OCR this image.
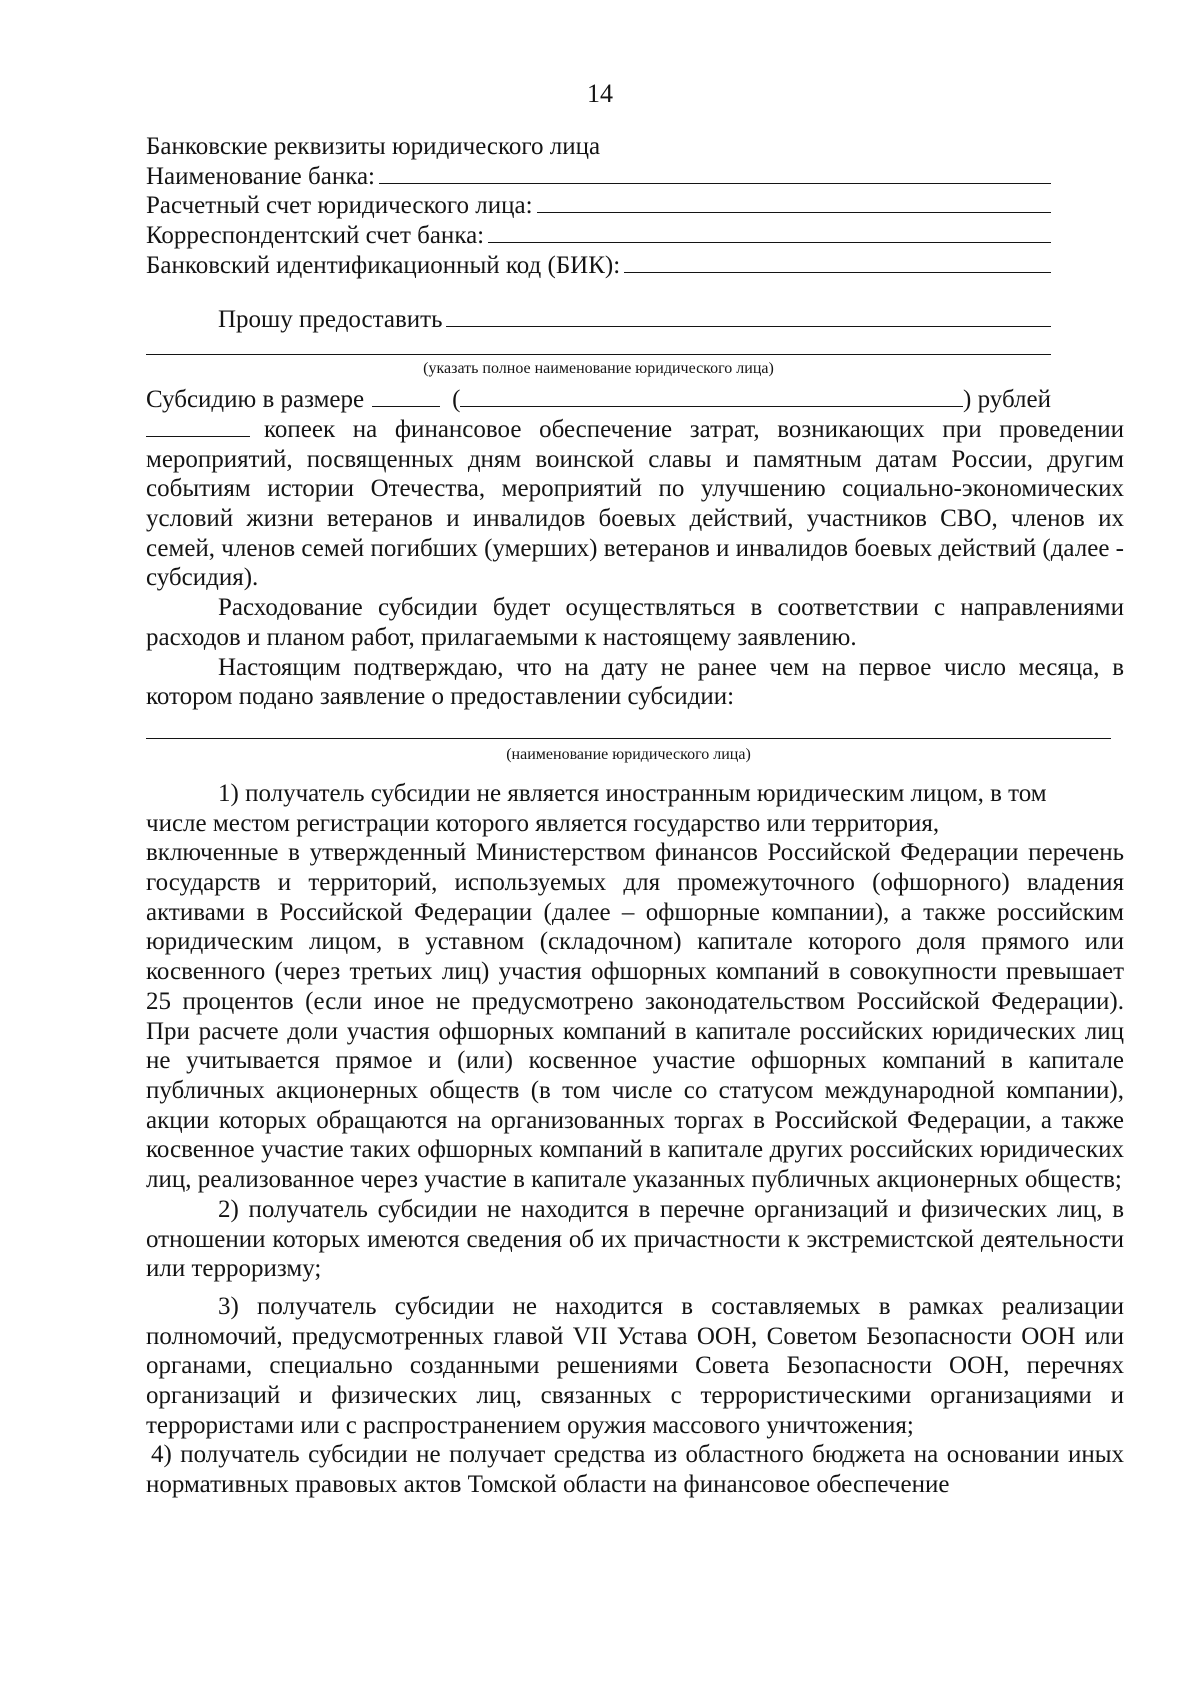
14
Банковские реквизиты юридического лица
Наименование банка:
Расчетный счет юридического лица:
Корреспондентский счет банка:
Банковский идентификационный код (БИК):
Прошу предоставить
(указать полное наименование юридического лица)
Субсидию в размере	(	) рублей

копеек на финансовое обеспечение затрат, возникающих при проведении мероприятий, посвященных дням воинской славы и памятным датам России, другим событиям истории Отечества, мероприятий по улучшению социально-экономических условий жизни ветеранов и инвалидов боевых действий, участников СВО, членов их семей, членов семей погибших (умерших) ветеранов и инвалидов боевых действий (далее - субсидия).

Расходование субсидии будет осуществляться в соответствии с направлениями расходов и планом работ, прилагаемыми к настоящему заявлению.

Настоящим подтверждаю, что на дату не ранее чем на первое число месяца, в котором подано заявление о предоставлении субсидии:

(наименование юридического лица)
1) получатель субсидии не является иностранным юридическим лицом, в том
числе местом регистрации которого является государство или территория,

включенные в утвержденный Министерством финансов Российской Федерации перечень государств и территорий, используемых для промежуточного (офшорного) владения активами в Российской Федерации (далее – офшорные компании), а также российским юридическим лицом, в уставном (складочном) капитале которого доля прямого или косвенного (через третьих лиц) участия офшорных компаний в совокупности превышает 25 процентов (если иное не предусмотрено законодательством Российской Федерации). При расчете доли участия офшорных компаний в капитале российских юридических лиц не учитывается прямое и (или) косвенное участие офшорных компаний в капитале публичных акционерных обществ (в том числе со статусом международной компании), акции которых обращаются на организованных торгах в Российской Федерации, а также косвенное участие таких офшорных компаний в капитале других российских юридических лиц, реализованное через участие в капитале указанных публичных акционерных обществ;

2) получатель субсидии не находится в перечне организаций и физических лиц, в отношении которых имеются сведения об их причастности к экстремистской деятельности или терроризму;

3) получатель субсидии не находится в составляемых в рамках реализации полномочий, предусмотренных главой VII Устава ООН, Советом Безопасности ООН или органами, специально созданными решениями Совета Безопасности ООН, перечнях организаций и физических лиц, связанных с террористическими организациями и террористами или с распространением оружия массового уничтожения;

4) получатель субсидии не получает средства из областного бюджета на основании иных нормативных правовых актов Томской области на финансовое обеспечение
